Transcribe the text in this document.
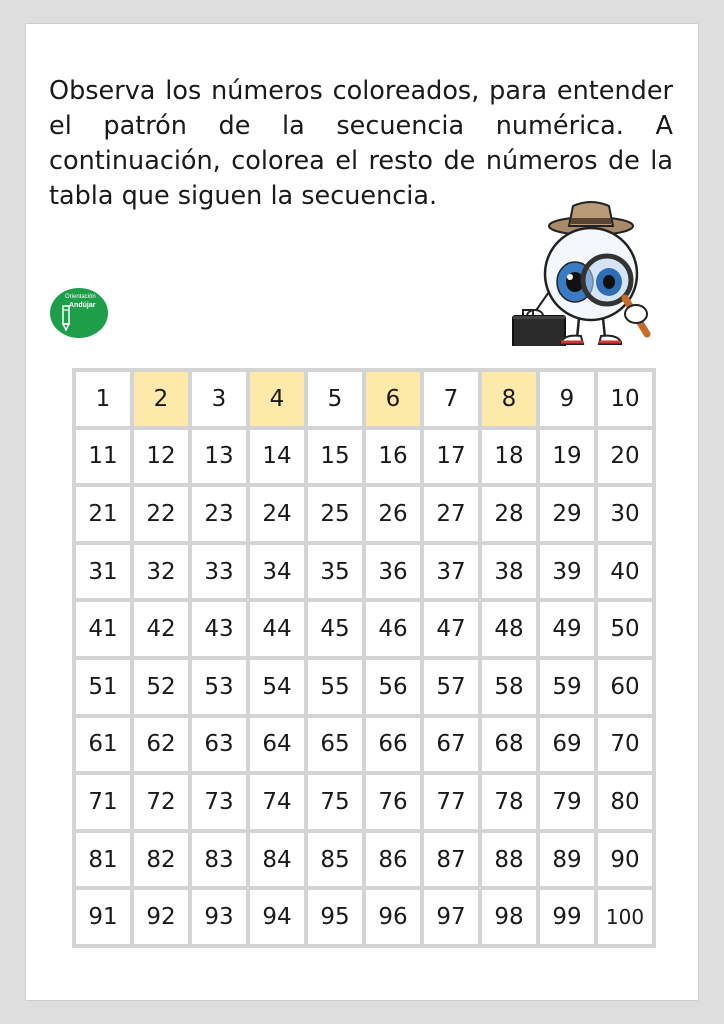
Observa los números coloreados, para entender el patrón de la secuencia numérica. A continuación, colorea el resto de números de la tabla que siguen la secuencia.

Orientación
Andújar
1	2	3	4	5	6	7	8	9	10
11	12	13	14	15	16	17	18	19	20
21	22	23	24	25	26	27	28	29	30
31	32	33	34	35	36	37	38	39	40
41	42	43	44	45	46	47	48	49	50
51	52	53	54	55	56	57	58	59	60
61	62	63	64	65	66	67	68	69	70
71	72	73	74	75	76	77	78	79	80
81	82	83	84	85	86	87	88	89	90
91	92	93	94	95	96	97	98	99	100
